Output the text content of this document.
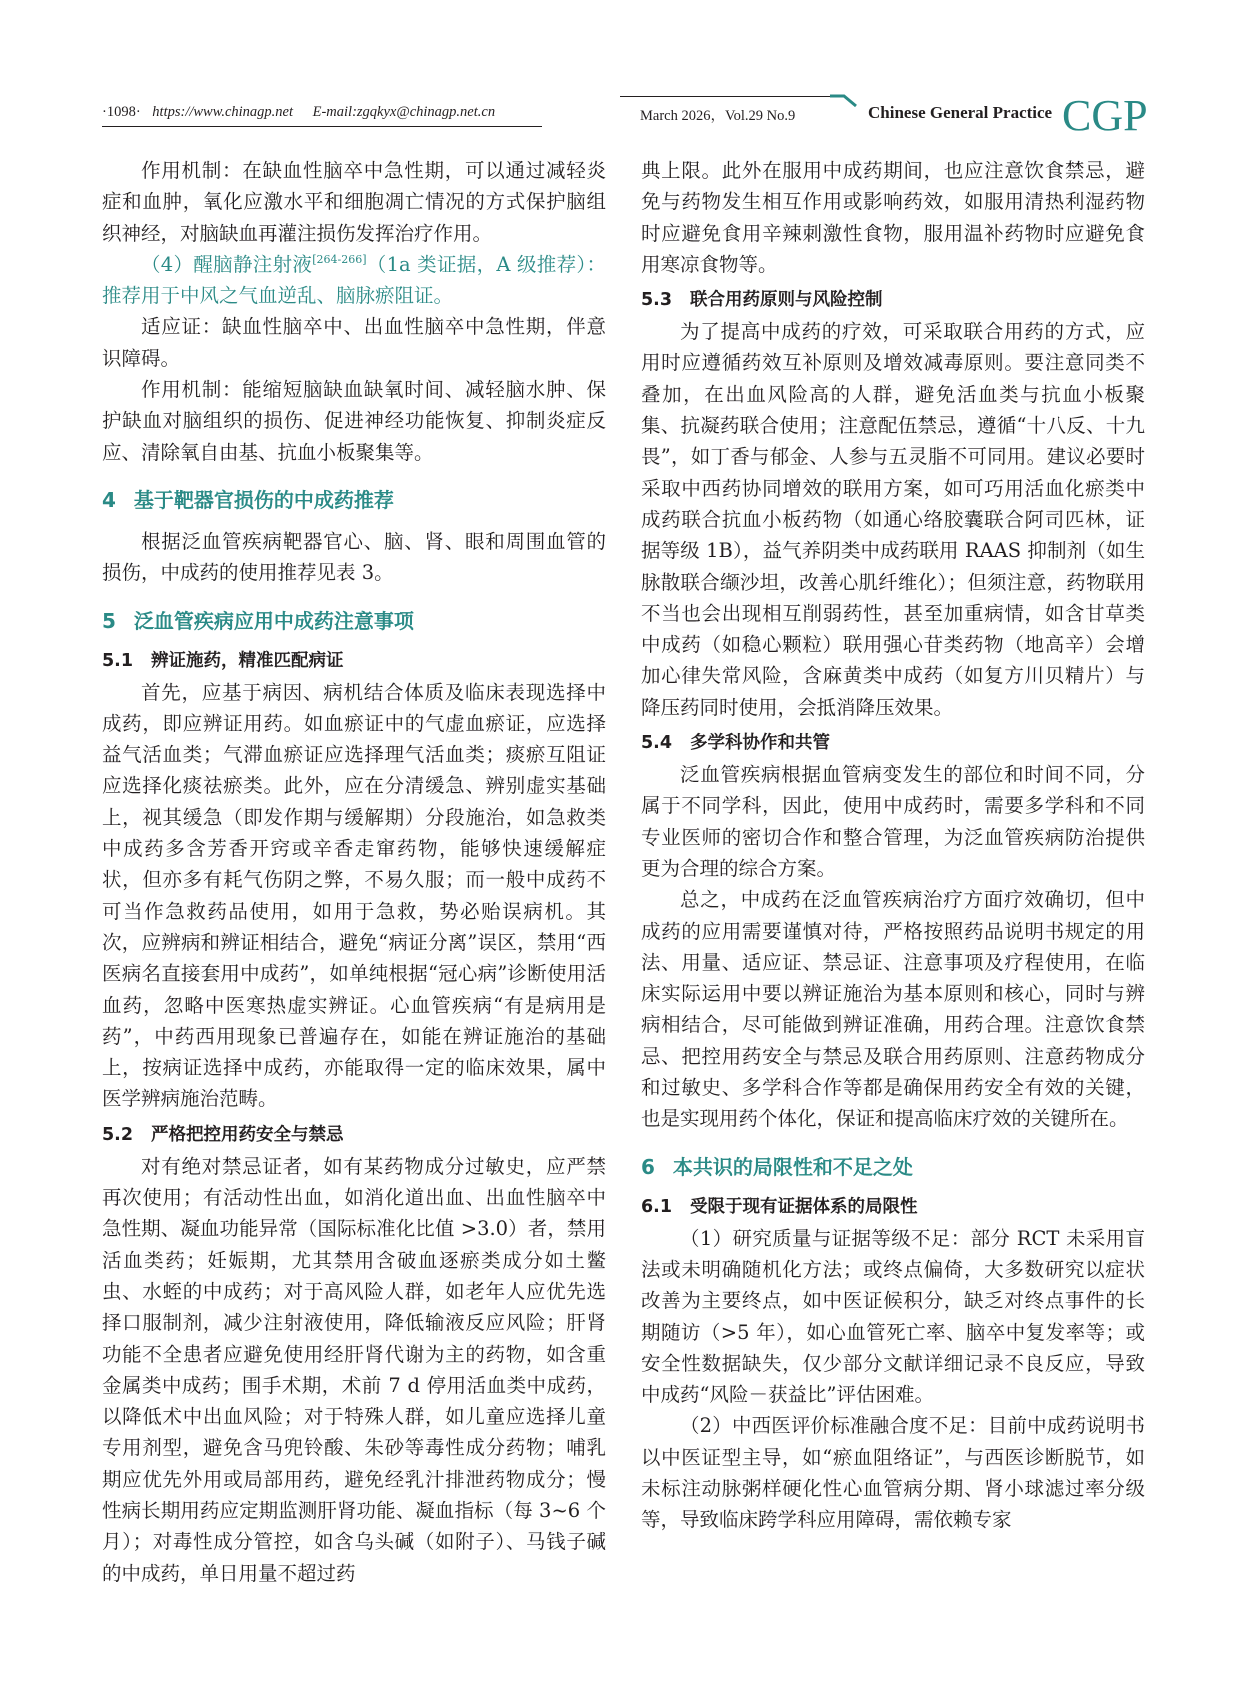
·1098· https://www.chinagp.net E-mail:zgqkyx@chinagp.net.cn	March 2026，Vol.29 No.9	Chinese General Practice CGP

作用机制：在缺血性脑卒中急性期，可以通过减轻炎症和血肿，氧化应激水平和细胞凋亡情况的方式保护脑组织神经，对脑缺血再灌注损伤发挥治疗作用。

（4）醒脑静注射液[264-266]（1a 类证据，A 级推荐）：推荐用于中风之气血逆乱、脑脉瘀阻证。

适应证：缺血性脑卒中、出血性脑卒中急性期，伴意识障碍。

作用机制：能缩短脑缺血缺氧时间、减轻脑水肿、保护缺血对脑组织的损伤、促进神经功能恢复、抑制炎症反应、清除氧自由基、抗血小板聚集等。

4 基于靶器官损伤的中成药推荐

根据泛血管疾病靶器官心、脑、肾、眼和周围血管的损伤，中成药的使用推荐见表 3。

5 泛血管疾病应用中成药注意事项
5.1 辨证施药，精准匹配病证

首先，应基于病因、病机结合体质及临床表现选择中成药，即应辨证用药。如血瘀证中的气虚血瘀证，应选择益气活血类；气滞血瘀证应选择理气活血类；痰瘀互阻证应选择化痰祛瘀类。此外，应在分清缓急、辨别虚实基础上，视其缓急（即发作期与缓解期）分段施治，如急救类中成药多含芳香开窍或辛香走窜药物，能够快速缓解症状，但亦多有耗气伤阴之弊，不易久服；而一般中成药不可当作急救药品使用，如用于急救，势必贻误病机。其次，应辨病和辨证相结合，避免“病证分离”误区，禁用“西医病名直接套用中成药”，如单纯根据“冠心病”诊断使用活血药，忽略中医寒热虚实辨证。心血管疾病“有是病用是药”，中药西用现象已普遍存在，如能在辨证施治的基础上，按病证选择中成药，亦能取得一定的临床效果，属中医学辨病施治范畴。

5.2 严格把控用药安全与禁忌

对有绝对禁忌证者，如有某药物成分过敏史，应严禁再次使用；有活动性出血，如消化道出血、出血性脑卒中急性期、凝血功能异常（国际标准化比值 >3.0）者，禁用活血类药；妊娠期，尤其禁用含破血逐瘀类成分如土鳖虫、水蛭的中成药；对于高风险人群，如老年人应优先选择口服制剂，减少注射液使用，降低输液反应风险；肝肾功能不全患者应避免使用经肝肾代谢为主的药物，如含重金属类中成药；围手术期，术前 7 d 停用活血类中成药，以降低术中出血风险；对于特殊人群，如儿童应选择儿童专用剂型，避免含马兜铃酸、朱砂等毒性成分药物；哺乳期应优先外用或局部用药，避免经乳汁排泄药物成分；慢性病长期用药应定期监测肝肾功能、凝血指标（每 3~6 个月）；对毒性成分管控，如含乌头碱（如附子）、马钱子碱的中成药，单日用量不超过药

典上限。此外在服用中成药期间，也应注意饮食禁忌，避免与药物发生相互作用或影响药效，如服用清热利湿药物时应避免食用辛辣刺激性食物，服用温补药物时应避免食用寒凉食物等。

5.3 联合用药原则与风险控制

为了提高中成药的疗效，可采取联合用药的方式，应用时应遵循药效互补原则及增效减毒原则。要注意同类不叠加，在出血风险高的人群，避免活血类与抗血小板聚集、抗凝药联合使用；注意配伍禁忌，遵循“十八反、十九畏”，如丁香与郁金、人参与五灵脂不可同用。建议必要时采取中西药协同增效的联用方案，如可巧用活血化瘀类中成药联合抗血小板药物（如通心络胶囊联合阿司匹林，证据等级 1B），益气养阴类中成药联用 RAAS 抑制剂（如生脉散联合缬沙坦，改善心肌纤维化）；但须注意，药物联用不当也会出现相互削弱药性，甚至加重病情，如含甘草类中成药（如稳心颗粒）联用强心苷类药物（地高辛）会增加心律失常风险，含麻黄类中成药（如复方川贝精片）与降压药同时使用，会抵消降压效果。

5.4 多学科协作和共管

泛血管疾病根据血管病变发生的部位和时间不同，分属于不同学科，因此，使用中成药时，需要多学科和不同专业医师的密切合作和整合管理，为泛血管疾病防治提供更为合理的综合方案。

总之，中成药在泛血管疾病治疗方面疗效确切，但中成药的应用需要谨慎对待，严格按照药品说明书规定的用法、用量、适应证、禁忌证、注意事项及疗程使用，在临床实际运用中要以辨证施治为基本原则和核心，同时与辨病相结合，尽可能做到辨证准确，用药合理。注意饮食禁忌、把控用药安全与禁忌及联合用药原则、注意药物成分和过敏史、多学科合作等都是确保用药安全有效的关键，也是实现用药个体化，保证和提高临床疗效的关键所在。

6 本共识的局限性和不足之处
6.1 受限于现有证据体系的局限性

（1）研究质量与证据等级不足：部分 RCT 未采用盲法或未明确随机化方法；或终点偏倚，大多数研究以症状改善为主要终点，如中医证候积分，缺乏对终点事件的长期随访（>5 年），如心血管死亡率、脑卒中复发率等；或安全性数据缺失，仅少部分文献详细记录不良反应，导致中成药“风险－获益比”评估困难。

（2）中西医评价标准融合度不足：目前中成药说明书以中医证型主导，如“瘀血阻络证”，与西医诊断脱节，如未标注动脉粥样硬化性心血管病分期、肾小球滤过率分级等，导致临床跨学科应用障碍，需依赖专家
